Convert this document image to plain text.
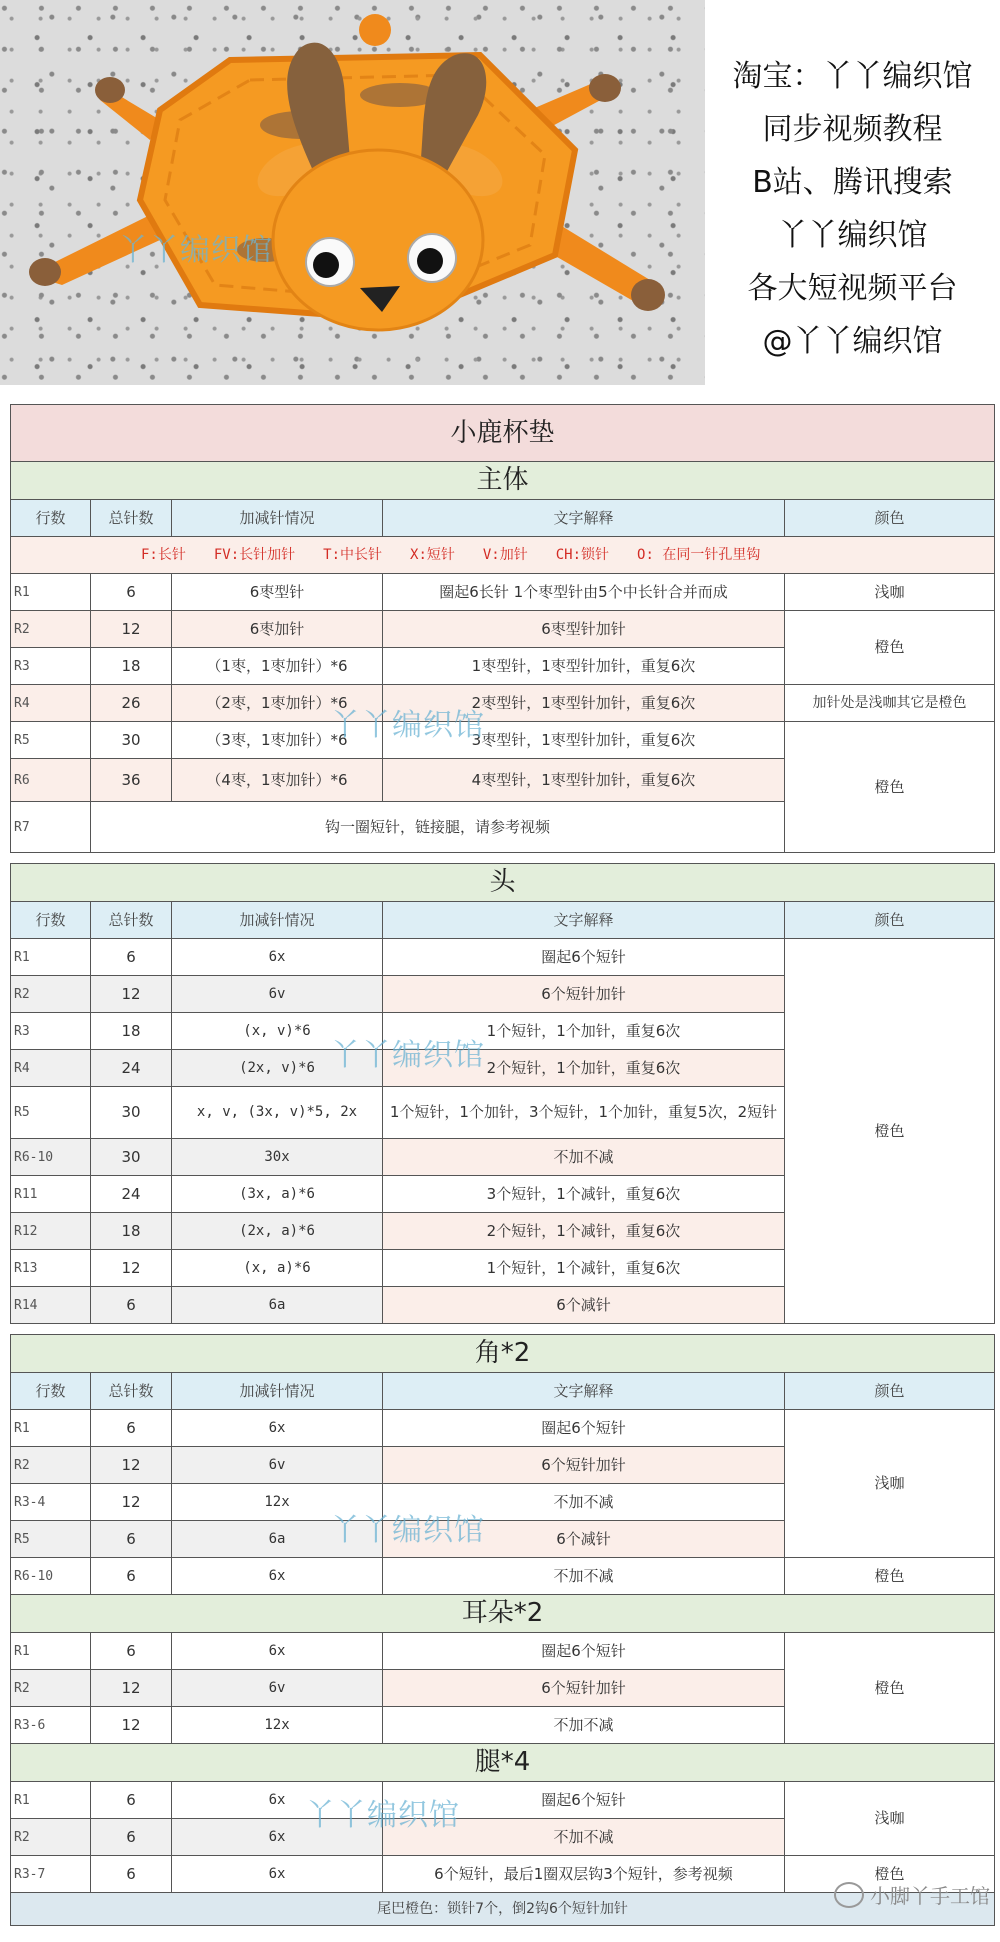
丫丫编织馆
淘宝：丫丫编织馆
同步视频教程
B站、腾讯搜索
丫丫编织馆
各大短视频平台
@丫丫编织馆
小鹿杯垫				
主体				
行数	总针数	加减针情况	文字解释	颜色
F:长针 FV:长针加针 T:中长针 X:短针 V:加针 CH:锁针 O: 在同一针孔里钩				
R1	6	6枣型针	圈起6长针 1个枣型针由5个中长针合并而成	浅咖
R2	12	6枣加针	6枣型针加针	橙色
R3	18	（1枣，1枣加针）*6	1枣型针，1枣型针加针，重复6次	
R4	26	（2枣，1枣加针）*6	2枣型针，1枣型针加针，重复6次	加针处是浅咖其它是橙色
R5	30	（3枣，1枣加针）*6	3枣型针，1枣型针加针，重复6次	橙色
R6	36	（4枣，1枣加针）*6	4枣型针，1枣型针加针，重复6次	
R7	钩一圈短针，链接腿，请参考视频			
头				
行数	总针数	加减针情况	文字解释	颜色
R1	6	6x	圈起6个短针	橙色
R2	12	6v	6个短针加针	
R3	18	(x, v)*6	1个短针，1个加针，重复6次	
R4	24	(2x, v)*6	2个短针，1个加针，重复6次	
R5	30	x, v, (3x, v)*5, 2x	1个短针，1个加针，3个短针，1个加针，重复5次，2短针	
R6-10	30	30x	不加不减	
R11	24	(3x, a)*6	3个短针，1个减针，重复6次	
R12	18	(2x, a)*6	2个短针，1个减针，重复6次	
R13	12	(x, a)*6	1个短针，1个减针，重复6次	
R14	6	6a	6个减针	
角*2				
行数	总针数	加减针情况	文字解释	颜色
R1	6	6x	圈起6个短针	浅咖
R2	12	6v	6个短针加针	
R3-4	12	12x	不加不减	
R5	6	6a	6个减针	
R6-10	6	6x	不加不减	橙色
耳朵*2				
R1	6	6x	圈起6个短针	橙色
R2	12	6v	6个短针加针	
R3-6	12	12x	不加不减	
腿*4				
R1	6	6x	圈起6个短针	浅咖
R2	6	6x	不加不减	
R3-7	6	6x	6个短针，最后1圈双层钩3个短针，参考视频	橙色
尾巴橙色：锁针7个，倒2钩6个短针加针				
丫丫编织馆
丫丫编织馆
丫丫编织馆
丫丫编织馆
小脚丫手工馆
